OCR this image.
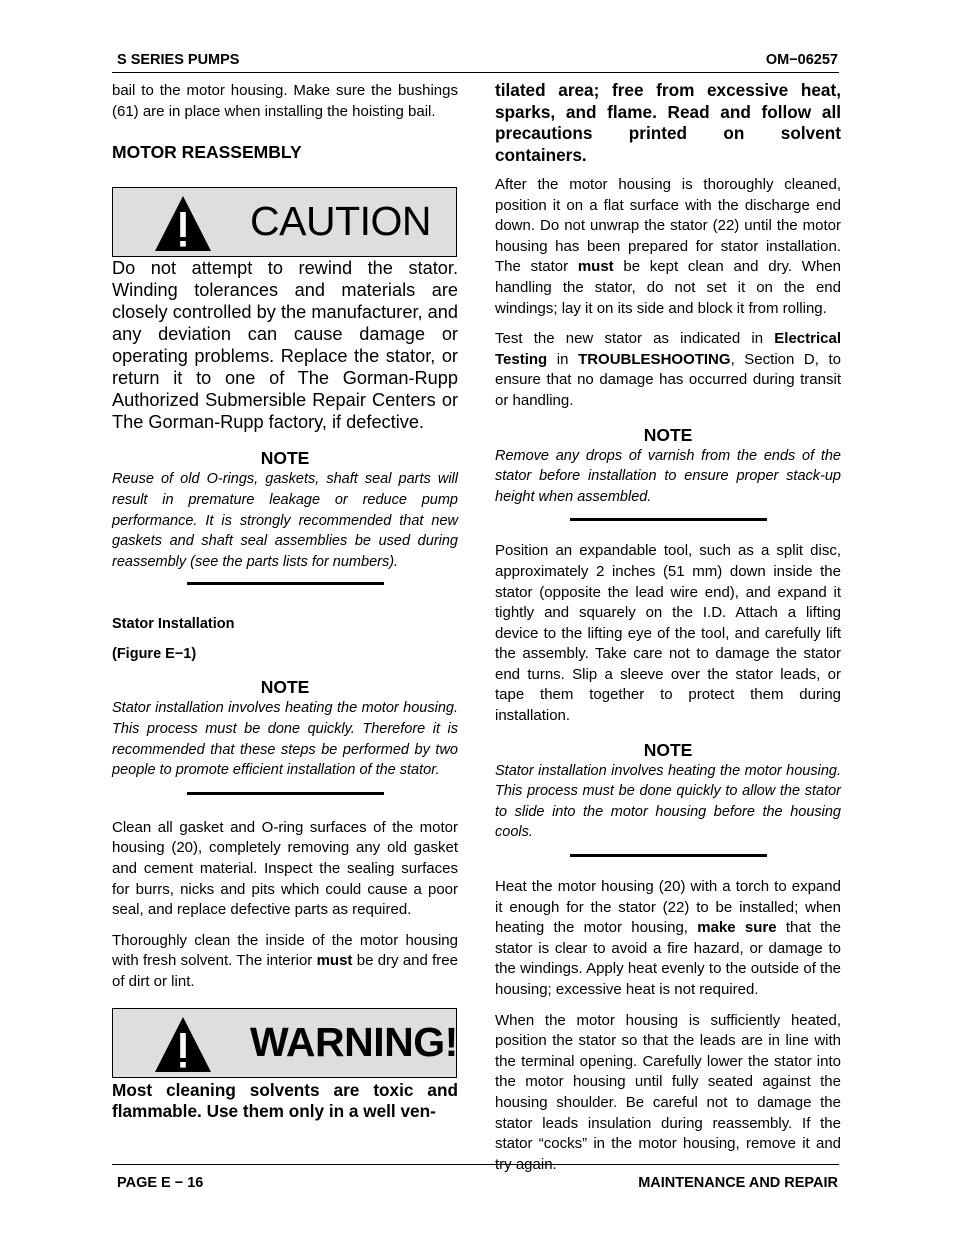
S SERIES PUMPS	OM−06257

bail to the motor housing. Make sure the bushings (61) are in place when installing the hoisting bail.

MOTOR REASSEMBLY

CAUTION

Do not attempt to rewind the stator. Winding tolerances and materials are closely controlled by the manufacturer, and any deviation can cause damage or operating problems. Replace the stator, or return it to one of The Gorman-Rupp Authorized Submersible Repair Centers or The Gorman-Rupp factory, if defective.

NOTE

Reuse of old O-rings, gaskets, shaft seal parts will result in premature leakage or reduce pump performance. It is strongly recommended that new gaskets and shaft seal assemblies be used during reassembly (see the parts lists for numbers).

Stator Installation

(Figure E−1)

NOTE

Stator installation involves heating the motor housing. This process must be done quickly. Therefore it is recommended that these steps be performed by two people to promote efficient installation of the stator.

Clean all gasket and O-ring surfaces of the motor housing (20), completely removing any old gasket and cement material. Inspect the sealing surfaces for burrs, nicks and pits which could cause a poor seal, and replace defective parts as required.

Thoroughly clean the inside of the motor housing with fresh solvent. The interior must be dry and free of dirt or lint.

WARNING!

Most cleaning solvents are toxic and flammable. Use them only in a well ven-

tilated area; free from excessive heat, sparks, and flame. Read and follow all precautions printed on solvent containers.

After the motor housing is thoroughly cleaned, position it on a flat surface with the discharge end down. Do not unwrap the stator (22) until the motor housing has been prepared for stator installation. The stator must be kept clean and dry. When handling the stator, do not set it on the end windings; lay it on its side and block it from rolling.

Test the new stator as indicated in Electrical Testing in TROUBLESHOOTING, Section D, to ensure that no damage has occurred during transit or handling.

NOTE

Remove any drops of varnish from the ends of the stator before installation to ensure proper stack-up height when assembled.

Position an expandable tool, such as a split disc, approximately 2 inches (51 mm) down inside the stator (opposite the lead wire end), and expand it tightly and squarely on the I.D. Attach a lifting device to the lifting eye of the tool, and carefully lift the assembly. Take care not to damage the stator end turns. Slip a sleeve over the stator leads, or tape them together to protect them during installation.

NOTE

Stator installation involves heating the motor housing. This process must be done quickly to allow the stator to slide into the motor housing before the housing cools.

Heat the motor housing (20) with a torch to expand it enough for the stator (22) to be installed; when heating the motor housing, make sure that the stator is clear to avoid a fire hazard, or damage to the windings. Apply heat evenly to the outside of the housing; excessive heat is not required.

When the motor housing is sufficiently heated, position the stator so that the leads are in line with the terminal opening. Carefully lower the stator into the motor housing until fully seated against the housing shoulder. Be careful not to damage the stator leads insulation during reassembly. If the stator “cocks” in the motor housing, remove it and try again.

PAGE E − 16	MAINTENANCE AND REPAIR
